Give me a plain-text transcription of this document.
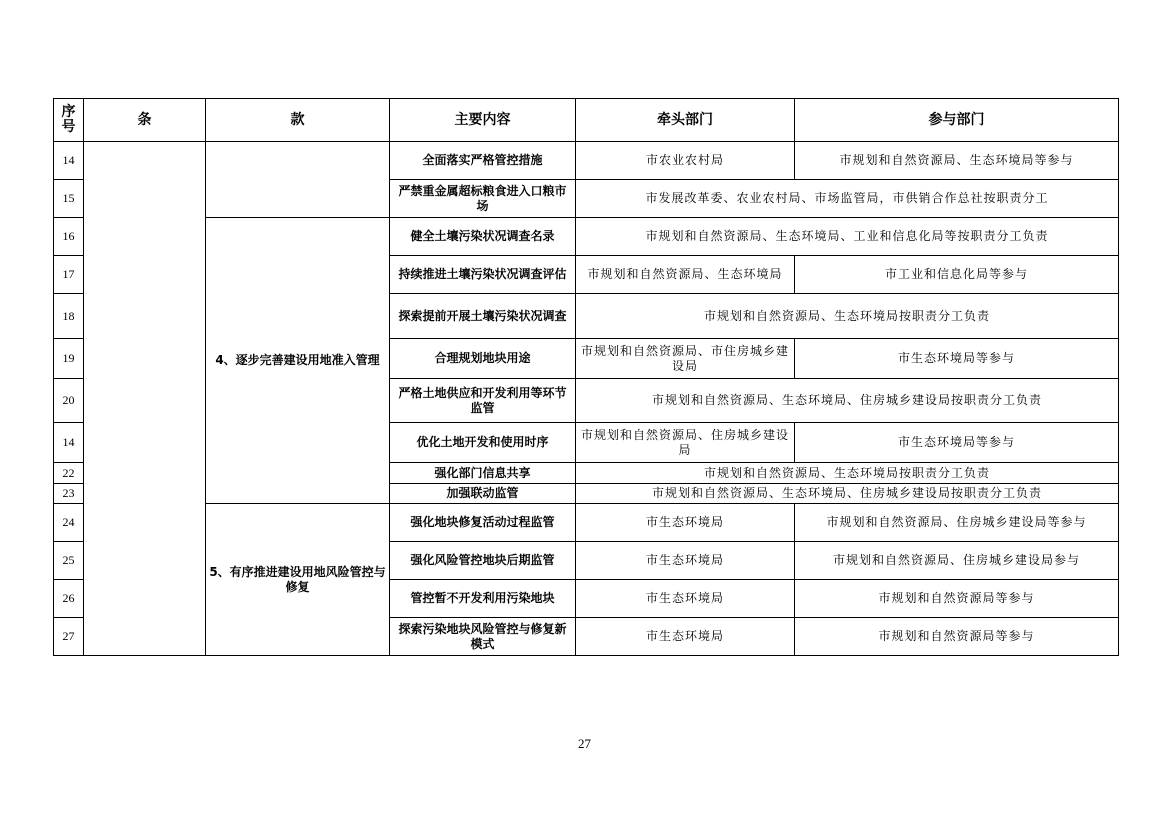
序号	条	款	主要内容	牵头部门	参与部门
14			全面落实严格管控措施	市农业农村局	市规划和自然资源局、生态环境局等参与
15			严禁重金属超标粮食进入口粮市场	市发展改革委、农业农村局、市场监管局，市供销合作总社按职责分工	
16		4、逐步完善建设用地准入管理	健全土壤污染状况调查名录	市规划和自然资源局、生态环境局、工业和信息化局等按职责分工负责	
17			持续推进土壤污染状况调查评估	市规划和自然资源局、生态环境局	市工业和信息化局等参与
18			探索提前开展土壤污染状况调查	市规划和自然资源局、生态环境局按职责分工负责	
19			合理规划地块用途	市规划和自然资源局、市住房城乡建设局	市生态环境局等参与
20			严格土地供应和开发利用等环节监管	市规划和自然资源局、生态环境局、住房城乡建设局按职责分工负责	
14			优化土地开发和使用时序	市规划和自然资源局、住房城乡建设局	市生态环境局等参与
22			强化部门信息共享	市规划和自然资源局、生态环境局按职责分工负责	
23			加强联动监管	市规划和自然资源局、生态环境局、住房城乡建设局按职责分工负责	
24		5、有序推进建设用地风险管控与修复	强化地块修复活动过程监管	市生态环境局	市规划和自然资源局、住房城乡建设局等参与
25			强化风险管控地块后期监管	市生态环境局	市规划和自然资源局、住房城乡建设局参与
26			管控暂不开发利用污染地块	市生态环境局	市规划和自然资源局等参与
27			探索污染地块风险管控与修复新模式	市生态环境局	市规划和自然资源局等参与
27
